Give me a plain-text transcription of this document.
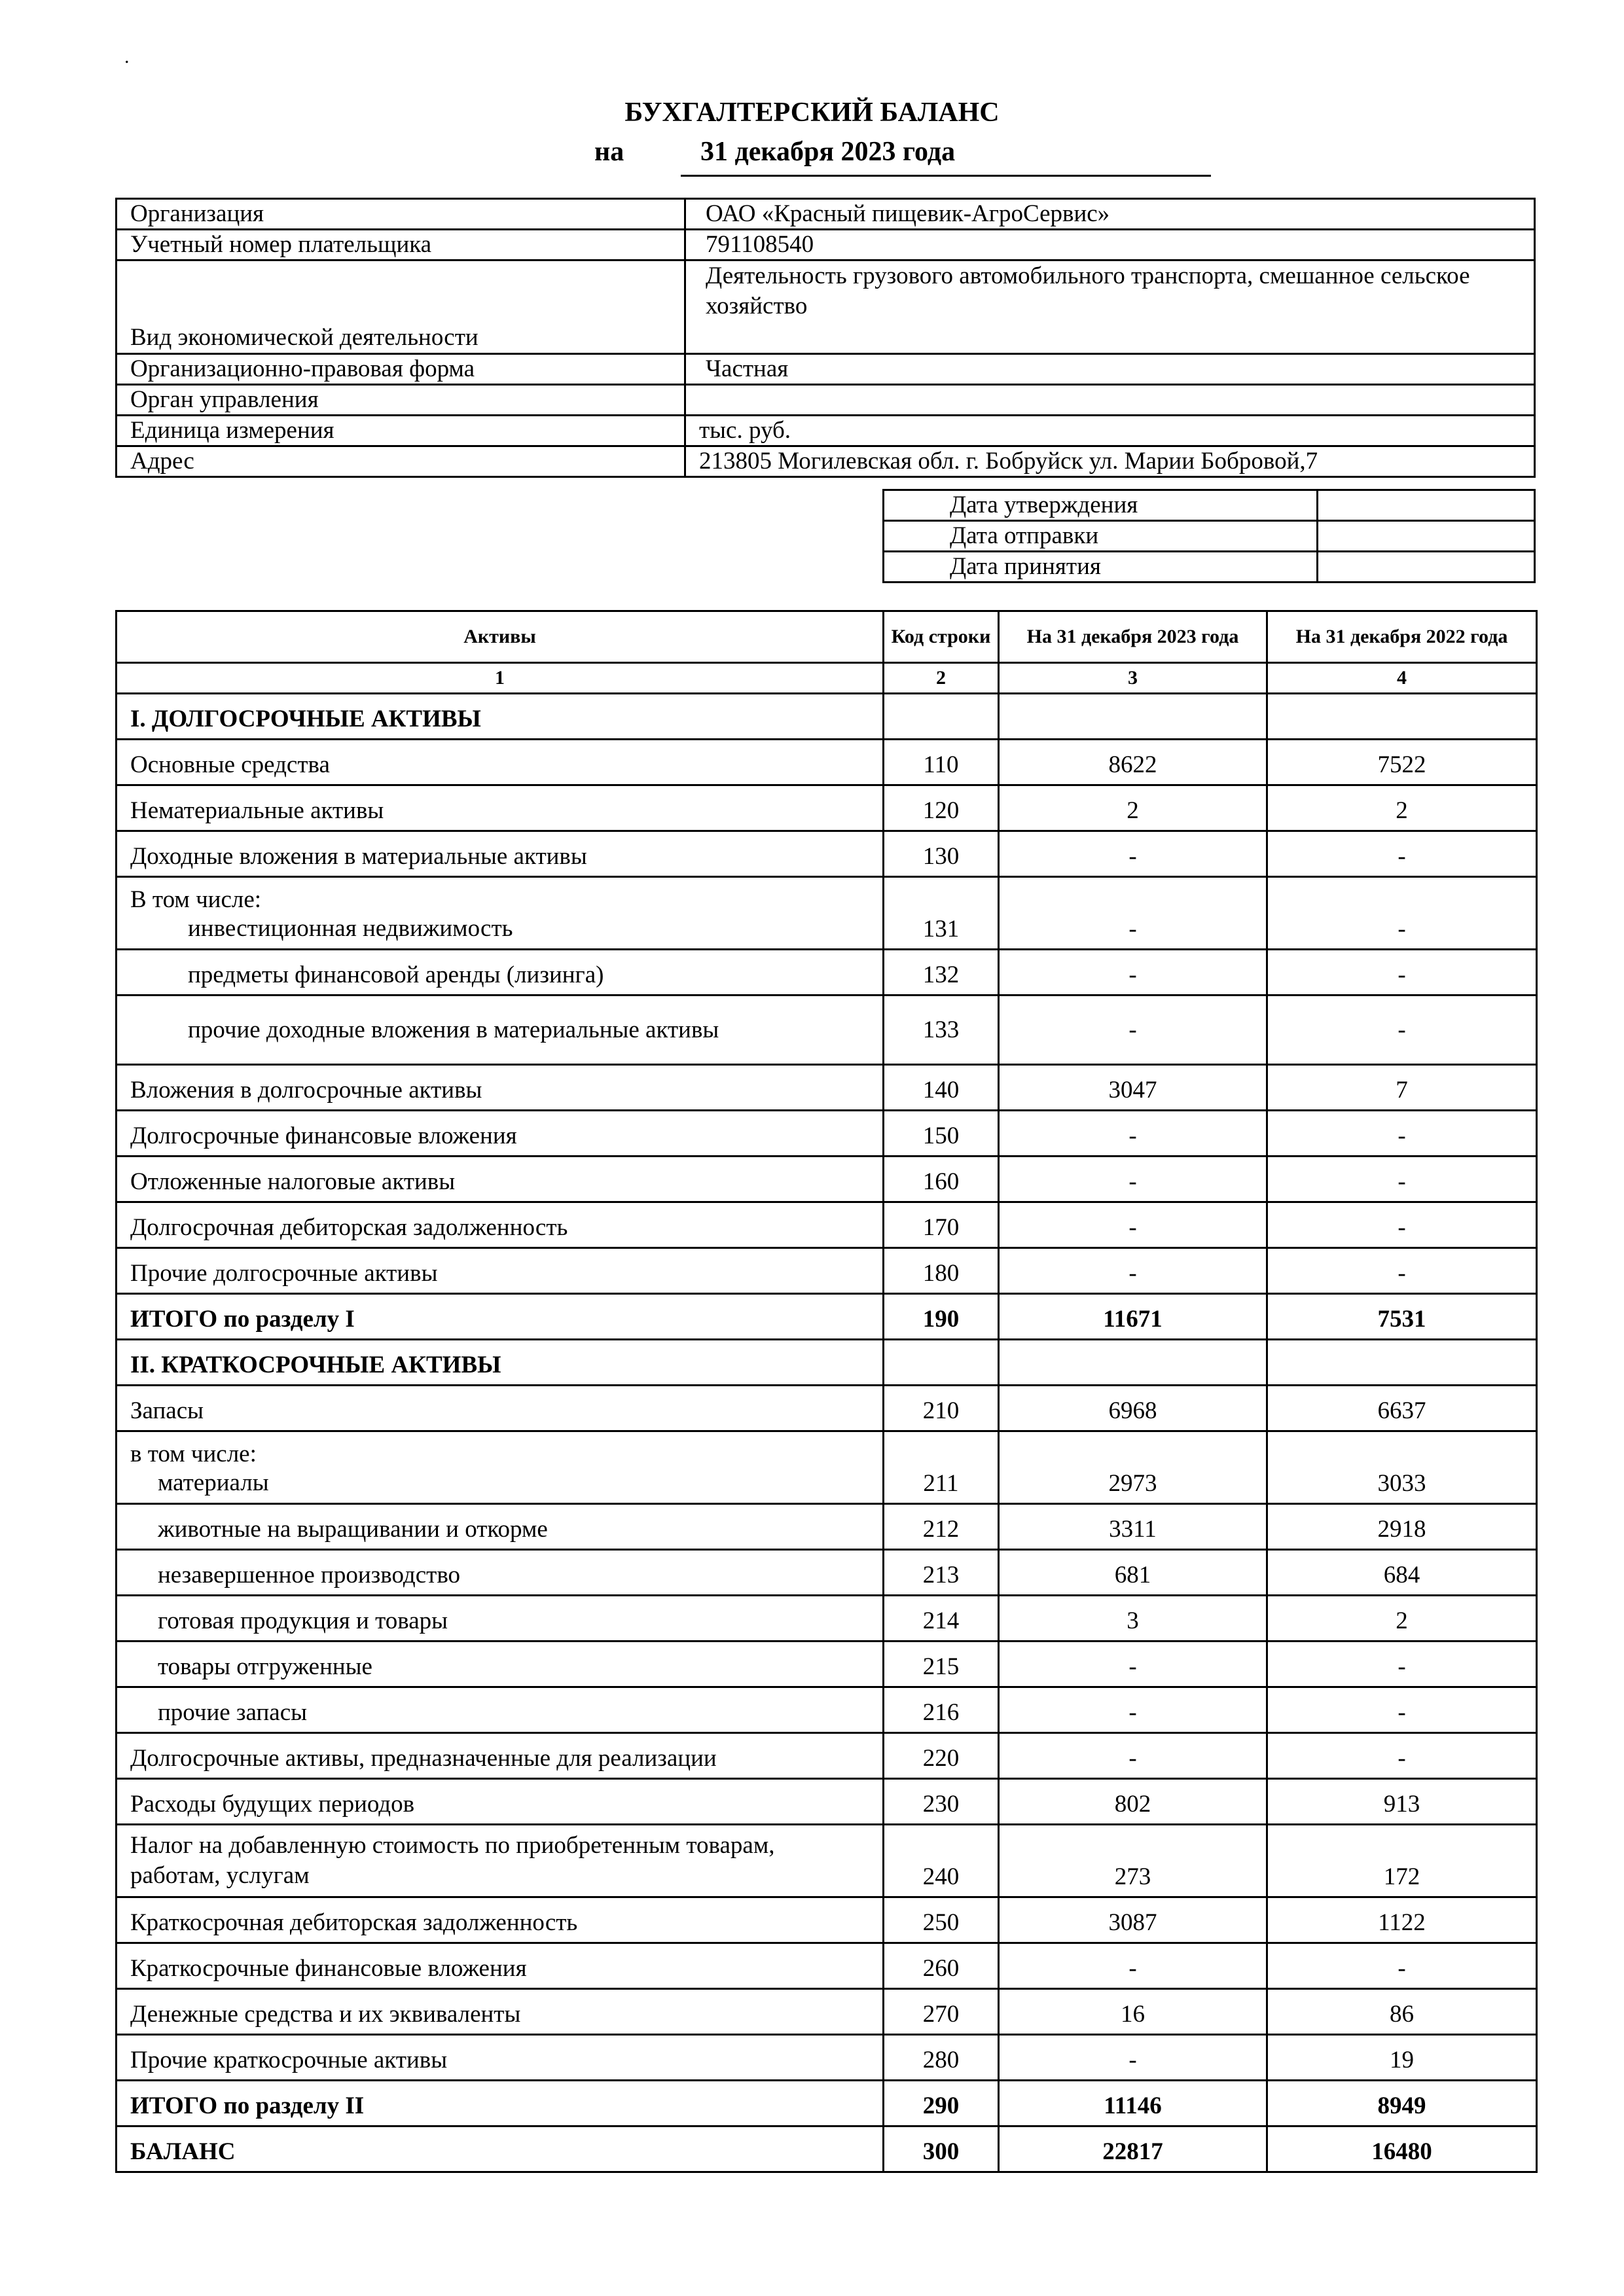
.
БУХГАЛТЕРСКИЙ БАЛАНС
на	31 декабря 2023 года
Организация	ОАО «Красный пищевик-АгроСервис»
Учетный номер плательщика	791108540
Вид экономической деятельности	Деятельность грузового автомобильного транспорта, смешанное сельское хозяйство
Организационно-правовая форма	Частная
Орган управления	
Единица измерения	тыс. руб.
Адрес	213805 Могилевская обл. г. Бобруйск ул. Марии Бобровой,7
Дата утверждения	
Дата отправки	
Дата принятия	
Активы	Код строки	На 31 декабря 2023 года	На 31 декабря 2022 года
1	2	3	4
I. ДОЛГОСРОЧНЫЕ АКТИВЫ			
Основные средства	110	8622	7522
Нематериальные активы	120	2	2
Доходные вложения в материальные активы	130	-	-

В том числе:
инвестиционная недвижимость	131	-	-
предметы финансовой аренды (лизинга)	132	-	-
прочие доходные вложения в материальные активы	133	-	-
Вложения в долгосрочные активы	140	3047	7
Долгосрочные финансовые вложения	150	-	-
Отложенные налоговые активы	160	-	-
Долгосрочная дебиторская задолженность	170	-	-
Прочие долгосрочные активы	180	-	-
ИТОГО по разделу I	190	11671	7531
II. КРАТКОСРОЧНЫЕ АКТИВЫ			
Запасы	210	6968	6637

в том числе:
материалы	211	2973	3033
животные на выращивании и откорме	212	3311	2918
незавершенное производство	213	681	684
готовая продукция и товары	214	3	2
товары отгруженные	215	-	-
прочие запасы	216	-	-
Долгосрочные активы, предназначенные для реализации	220	-	-
Расходы будущих периодов	230	802	913
Налог на добавленную стоимость по приобретенным товарам, работам, услугам	240	273	172
Краткосрочная дебиторская задолженность	250	3087	1122
Краткосрочные финансовые вложения	260	-	-
Денежные средства и их эквиваленты	270	16	86
Прочие краткосрочные активы	280	-	19
ИТОГО по разделу II	290	11146	8949
БАЛАНС	300	22817	16480
